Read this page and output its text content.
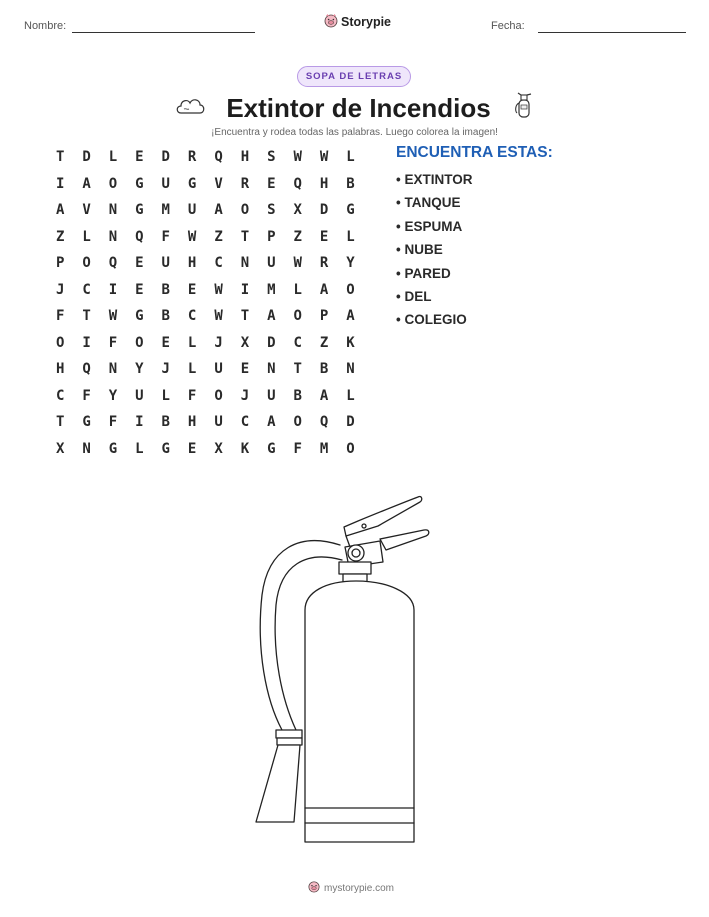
Nombre:	Storypie	Fecha:
SOPA DE LETRAS
Extintor de Incendios
¡Encuentra y rodea todas las palabras. Luego colorea la imagen!
T	D	L	E	D	R	Q	H	S	W	W	L
I	A	O	G	U	G	V	R	E	Q	H	B
A	V	N	G	M	U	A	O	S	X	D	G
Z	L	N	Q	F	W	Z	T	P	Z	E	L
P	O	Q	E	U	H	C	N	U	W	R	Y
J	C	I	E	B	E	W	I	M	L	A	O
F	T	W	G	B	C	W	T	A	O	P	A
O	I	F	O	E	L	J	X	D	C	Z	K
H	Q	N	Y	J	L	U	E	N	T	B	N
C	F	Y	U	L	F	O	J	U	B	A	L
T	G	F	I	B	H	U	C	A	O	Q	D
X	N	G	L	G	E	X	K	G	F	M	O
ENCUENTRA ESTAS:
• EXTINTOR
• TANQUE
• ESPUMA
• NUBE
• PARED
• DEL
• COLEGIO
mystorypie.com
